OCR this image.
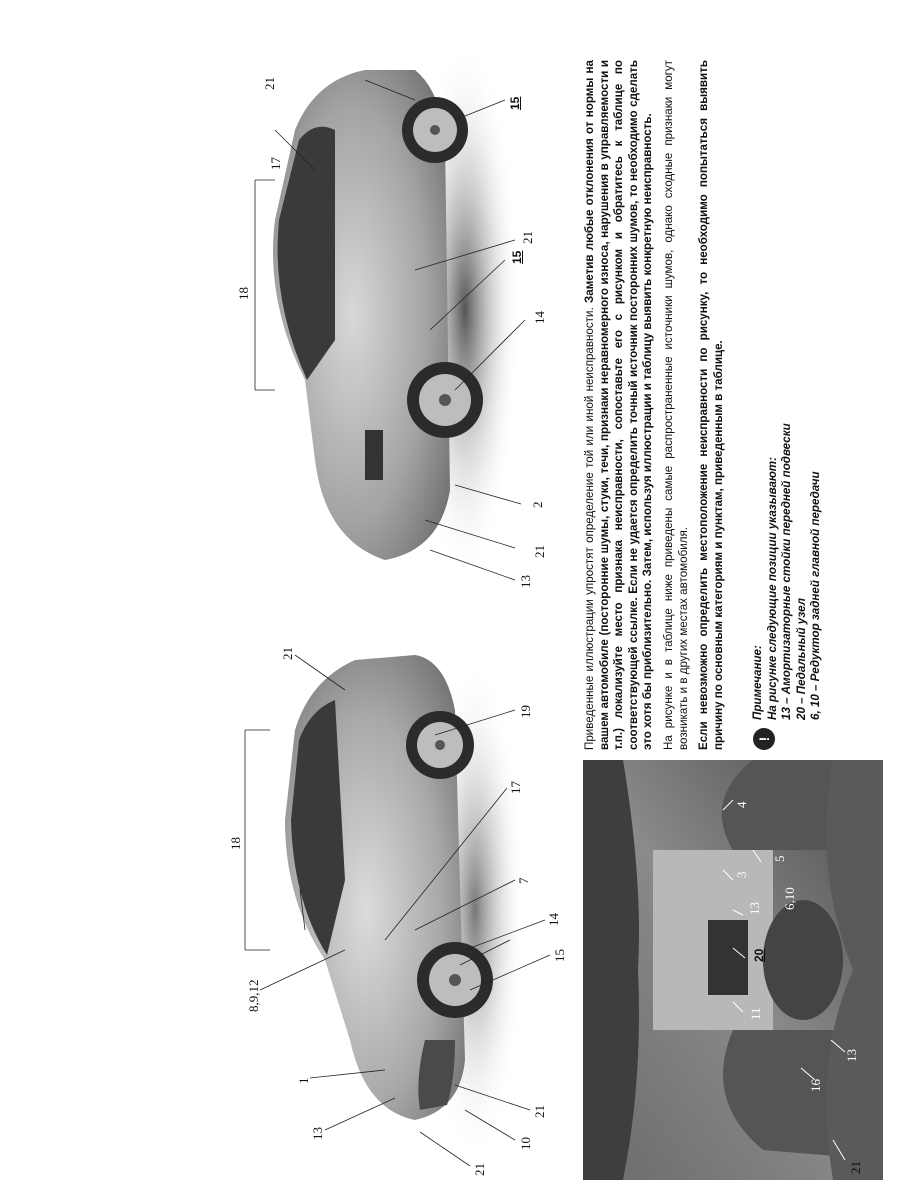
21
16
13
11
20
13
3
4
5
6,10
21
13
1
8,9,12
10
21
15
14
7
17
18
21
19
13
21
2
14
15
18
21
17
21
15

Приведенные иллюстрации упростят определение той или иной неисправности. Заметив любые отклонения от нормы на вашем автомобиле (посторонние шумы, стуки, течи, признаки неравномерного износа, нарушения в управляемости и т.п.) локализуйте место признака неисправности, сопоставьте его с рисунком и обратитесь к таблице по соответствующей ссылке. Если не удается определить точный источник посторонних шумов, то необходимо сделать это хотя бы приблизительно. Затем, используя иллюстрации и таблицу выявить конкретную неисправность. На рисунке и в таблице ниже приведены самые распространенные источники шумов, однако сходные признаки могут возникать и в других местах автомобиля. Если невозможно определить местоположение неисправности по рисунку, то необходимо попытаться выявить причину по основным категориям и пунктам, приведенным в таблице. !
Примечание: На рисунке следующие позиции указывают: 13 – Амортизаторные стойки передней подвески 20 – Педальный узел 6, 10 – Редуктор задней главной передачи
